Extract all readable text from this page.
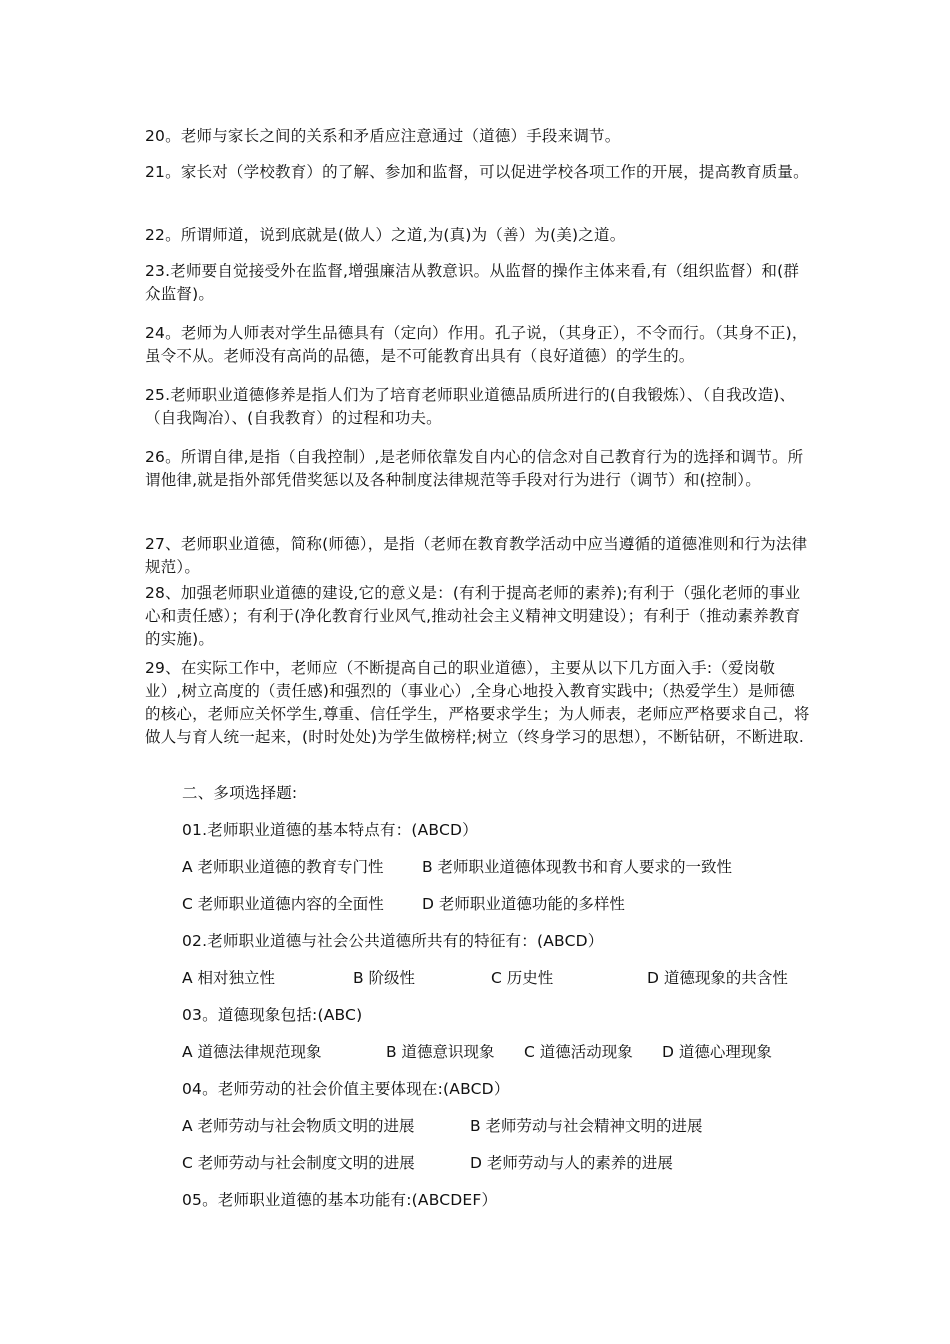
20。老师与家长之间的关系和矛盾应注意通过（道德）手段来调节。
21。家长对（学校教育）的了解、参加和监督，可以促进学校各项工作的开展，提高教育质量。
22。所谓师道，说到底就是(做人）之道,为(真)为（善）为(美)之道。
23.老师要自觉接受外在监督,增强廉洁从教意识。从监督的操作主体来看,有（组织监督）和(群众监督)。
24。老师为人师表对学生品德具有（定向）作用。孔子说，（其身正），不令而行。（其身不正)，虽令不从。老师没有高尚的品德，是不可能教育出具有（良好道德）的学生的。
25.老师职业道德修养是指人们为了培育老师职业道德品质所进行的(自我锻炼）、（自我改造)、（自我陶冶）、(自我教育）的过程和功夫。
26。所谓自律,是指（自我控制）,是老师依靠发自内心的信念对自己教育行为的选择和调节。所谓他律,就是指外部凭借奖惩以及各种制度法律规范等手段对行为进行（调节）和(控制）。
27、老师职业道德，简称(师德），是指（老师在教育教学活动中应当遵循的道德准则和行为法律规范）。
28、加强老师职业道德的建设,它的意义是：(有利于提高老师的素养);有利于（强化老师的事业心和责任感）；有利于(净化教育行业风气,推动社会主义精神文明建设）；有利于（推动素养教育的实施)。
29、在实际工作中，老师应（不断提高自己的职业道德），主要从以下几方面入手:（爱岗敬业）,树立高度的（责任感)和强烈的（事业心）,全身心地投入教育实践中;（热爱学生）是师德的核心，老师应关怀学生,尊重、信任学生，严格要求学生；为人师表，老师应严格要求自己，将做人与育人统一起来，(时时处处)为学生做榜样;树立（终身学习的思想），不断钻研，不断进取.
二、多项选择题:
01.老师职业道德的基本特点有：(ABCD）
A 老师职业道德的教育专门性 B 老师职业道德体现教书和育人要求的一致性
C 老师职业道德内容的全面性 D 老师职业道德功能的多样性
02.老师职业道德与社会公共道德所共有的特征有：(ABCD）
A 相对独立性	B 阶级性	C 历史性	D 道德现象的共含性
03。道德现象包括:(ABC)
A 道德法律规范现象	B 道德意识现象 C 道德活动现象 D 道德心理现象
04。老师劳动的社会价值主要体现在:(ABCD）
A 老师劳动与社会物质文明的进展	B 老师劳动与社会精神文明的进展
C 老师劳动与社会制度文明的进展	D 老师劳动与人的素养的进展
05。老师职业道德的基本功能有:(ABCDEF）
